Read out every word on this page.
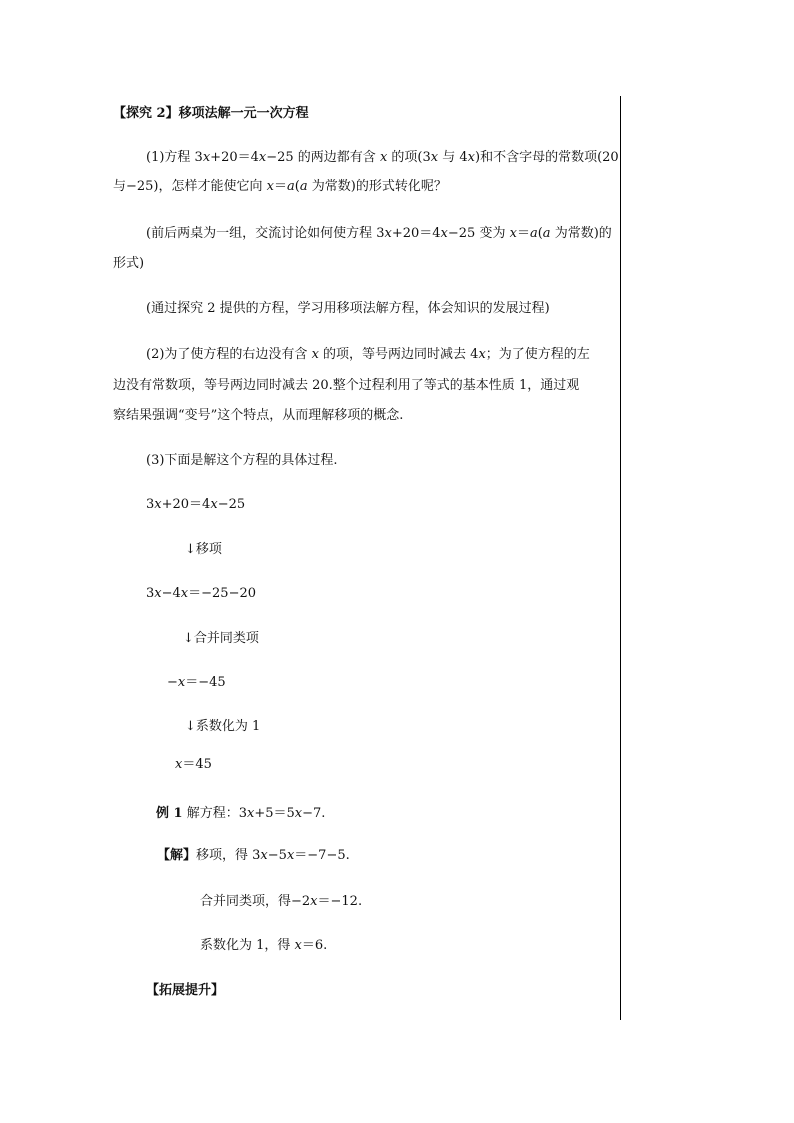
【探究 2】移项法解一元一次方程
(1)方程 3x+20＝4x−25 的两边都有含 x 的项(3x 与 4x)和不含字母的常数项(20
与−25)，怎样才能使它向 x＝a(a 为常数)的形式转化呢？
(前后两桌为一组，交流讨论如何使方程 3x+20＝4x−25 变为 x＝a(a 为常数)的
形式)
(通过探究 2 提供的方程，学习用移项法解方程，体会知识的发展过程)
(2)为了使方程的右边没有含 x 的项，等号两边同时减去 4x；为了使方程的左
边没有常数项，等号两边同时减去 20.整个过程利用了等式的基本性质 1，通过观
察结果强调“变号”这个特点，从而理解移项的概念.
(3)下面是解这个方程的具体过程.
3x+20＝4x−25
↓移项
3x−4x＝−25−20
↓合并同类项
−x＝−45
↓系数化为 1
x＝45
例 1 解方程：3x+5＝5x−7.
【解】移项，得 3x−5x＝−7−5.
合并同类项，得−2x＝−12.
系数化为 1，得 x＝6.
【拓展提升】
